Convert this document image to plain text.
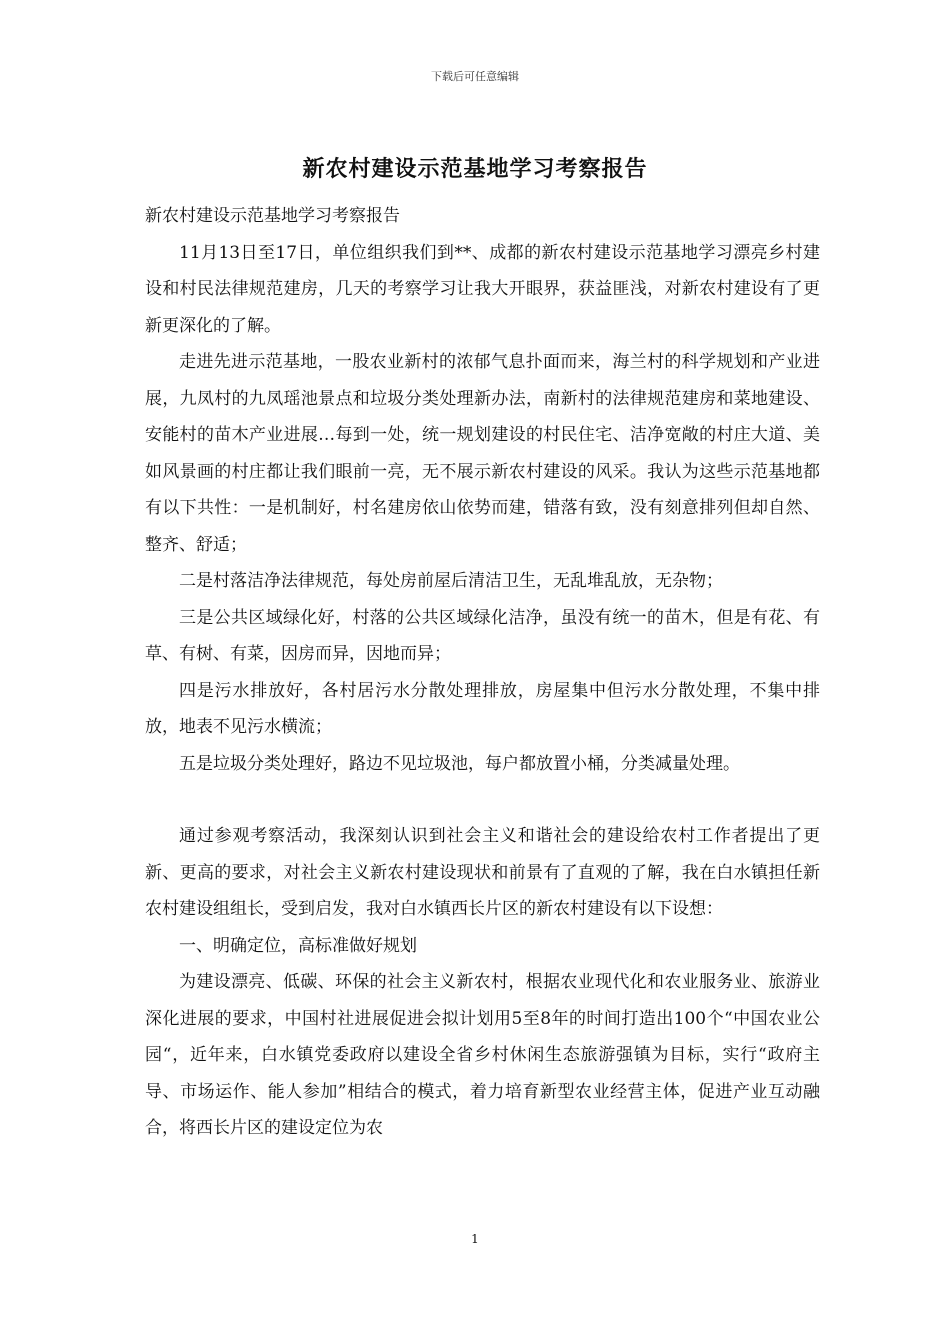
下载后可任意编辑
新农村建设示范基地学习考察报告

新农村建设示范基地学习考察报告

11月13日至17日，单位组织我们到**、成都的新农村建设示范基地学习漂亮乡村建设和村民法律规范建房，几天的考察学习让我大开眼界，获益匪浅，对新农村建设有了更新更深化的了解。

走进先进示范基地，一股农业新村的浓郁气息扑面而来，海兰村的科学规划和产业进展，九凤村的九凤瑶池景点和垃圾分类处理新办法，南新村的法律规范建房和菜地建设、安能村的苗木产业进展…每到一处，统一规划建设的村民住宅、洁净宽敞的村庄大道、美如风景画的村庄都让我们眼前一亮，无不展示新农村建设的风采。我认为这些示范基地都有以下共性：一是机制好，村名建房依山依势而建，错落有致，没有刻意排列但却自然、整齐、舒适；

二是村落洁净法律规范，每处房前屋后清洁卫生，无乱堆乱放，无杂物；

三是公共区域绿化好，村落的公共区域绿化洁净，虽没有统一的苗木，但是有花、有草、有树、有菜，因房而异，因地而异；

四是污水排放好，各村居污水分散处理排放，房屋集中但污水分散处理，不集中排放，地表不见污水横流；

五是垃圾分类处理好，路边不见垃圾池，每户都放置小桶，分类减量处理。

通过参观考察活动，我深刻认识到社会主义和谐社会的建设给农村工作者提出了更新、更高的要求，对社会主义新农村建设现状和前景有了直观的了解，我在白水镇担任新农村建设组组长，受到启发，我对白水镇西长片区的新农村建设有以下设想：

一、明确定位，高标准做好规划

为建设漂亮、低碳、环保的社会主义新农村，根据农业现代化和农业服务业、旅游业深化进展的要求，中国村社进展促进会拟计划用5至8年的时间打造出100个“中国农业公园“，近年来，白水镇党委政府以建设全省乡村休闲生态旅游强镇为目标，实行“政府主导、市场运作、能人参加”相结合的模式，着力培育新型农业经营主体，促进产业互动融合，将西长片区的建设定位为农

1
